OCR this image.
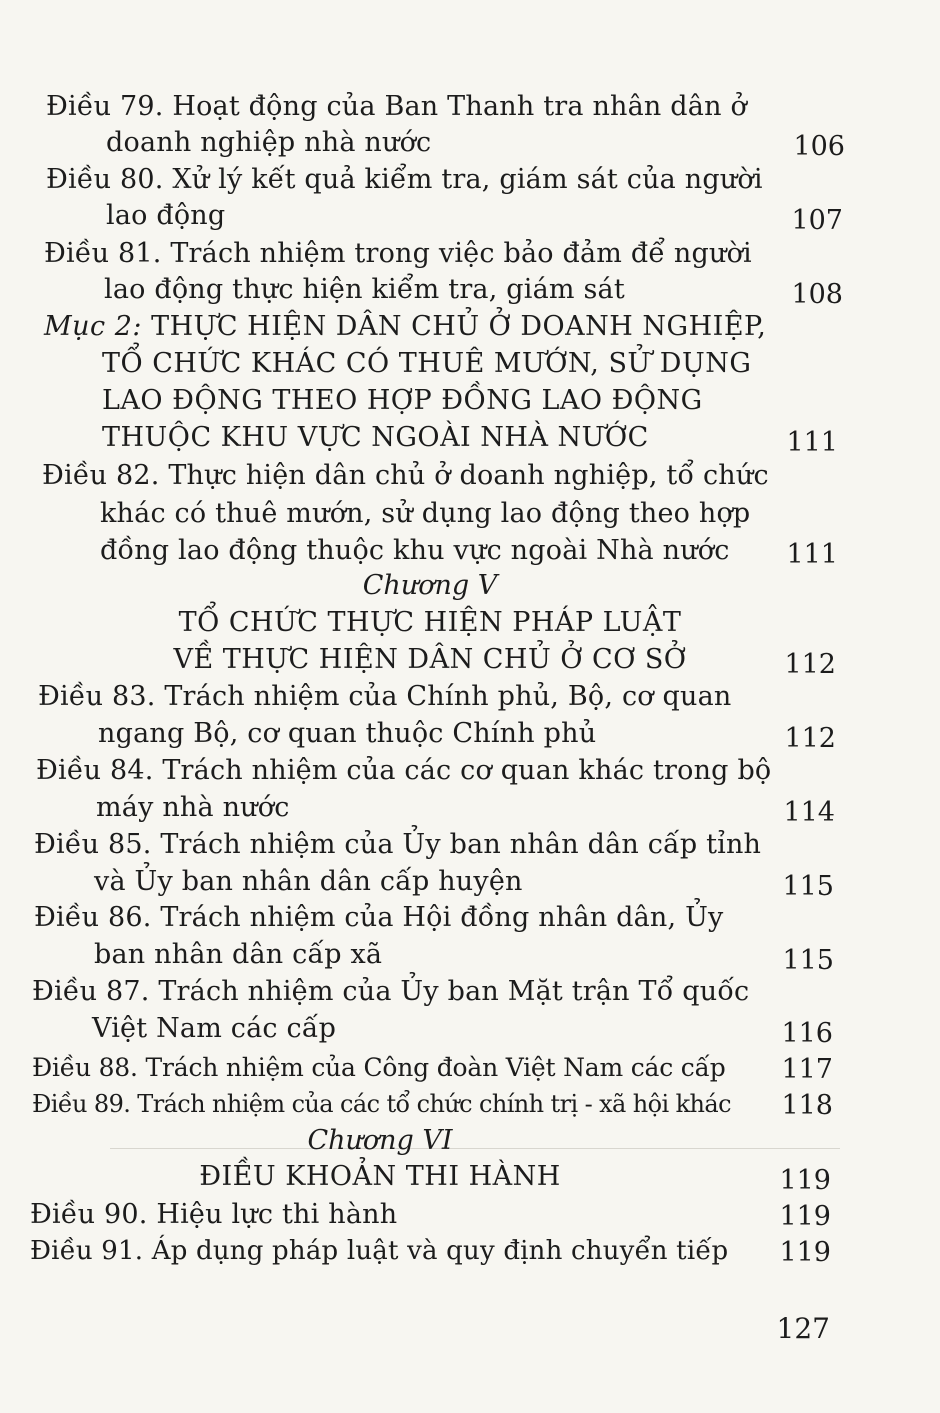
Điều 79. Hoạt động của Ban Thanh tra nhân dân ở
doanh nghiệp nhà nước	106
Điều 80. Xử lý kết quả kiểm tra, giám sát của người
lao động	107
Điều 81. Trách nhiệm trong việc bảo đảm để người
lao động thực hiện kiểm tra, giám sát	108
Mục 2: THỰC HIỆN DÂN CHỦ Ở DOANH NGHIỆP,
TỔ CHỨC KHÁC CÓ THUÊ MƯỚN, SỬ DỤNG
LAO ĐỘNG THEO HỢP ĐỒNG LAO ĐỘNG
THUỘC KHU VỰC NGOÀI NHÀ NƯỚC	111
Điều 82. Thực hiện dân chủ ở doanh nghiệp, tổ chức
khác có thuê mướn, sử dụng lao động theo hợp
đồng lao động thuộc khu vực ngoài Nhà nước	111
Chương V
TỔ CHỨC THỰC HIỆN PHÁP LUẬT
VỀ THỰC HIỆN DÂN CHỦ Ở CƠ SỞ	112
Điều 83. Trách nhiệm của Chính phủ, Bộ, cơ quan
ngang Bộ, cơ quan thuộc Chính phủ	112
Điều 84. Trách nhiệm của các cơ quan khác trong bộ
máy nhà nước	114
Điều 85. Trách nhiệm của Ủy ban nhân dân cấp tỉnh
và Ủy ban nhân dân cấp huyện	115
Điều 86. Trách nhiệm của Hội đồng nhân dân, Ủy
ban nhân dân cấp xã	115
Điều 87. Trách nhiệm của Ủy ban Mặt trận Tổ quốc
Việt Nam các cấp	116
Điều 88. Trách nhiệm của Công đoàn Việt Nam các cấp	117
Điều 89. Trách nhiệm của các tổ chức chính trị - xã hội khác	118
Chương VI
ĐIỀU KHOẢN THI HÀNH	119
Điều 90. Hiệu lực thi hành	119
Điều 91. Áp dụng pháp luật và quy định chuyển tiếp	119
127
